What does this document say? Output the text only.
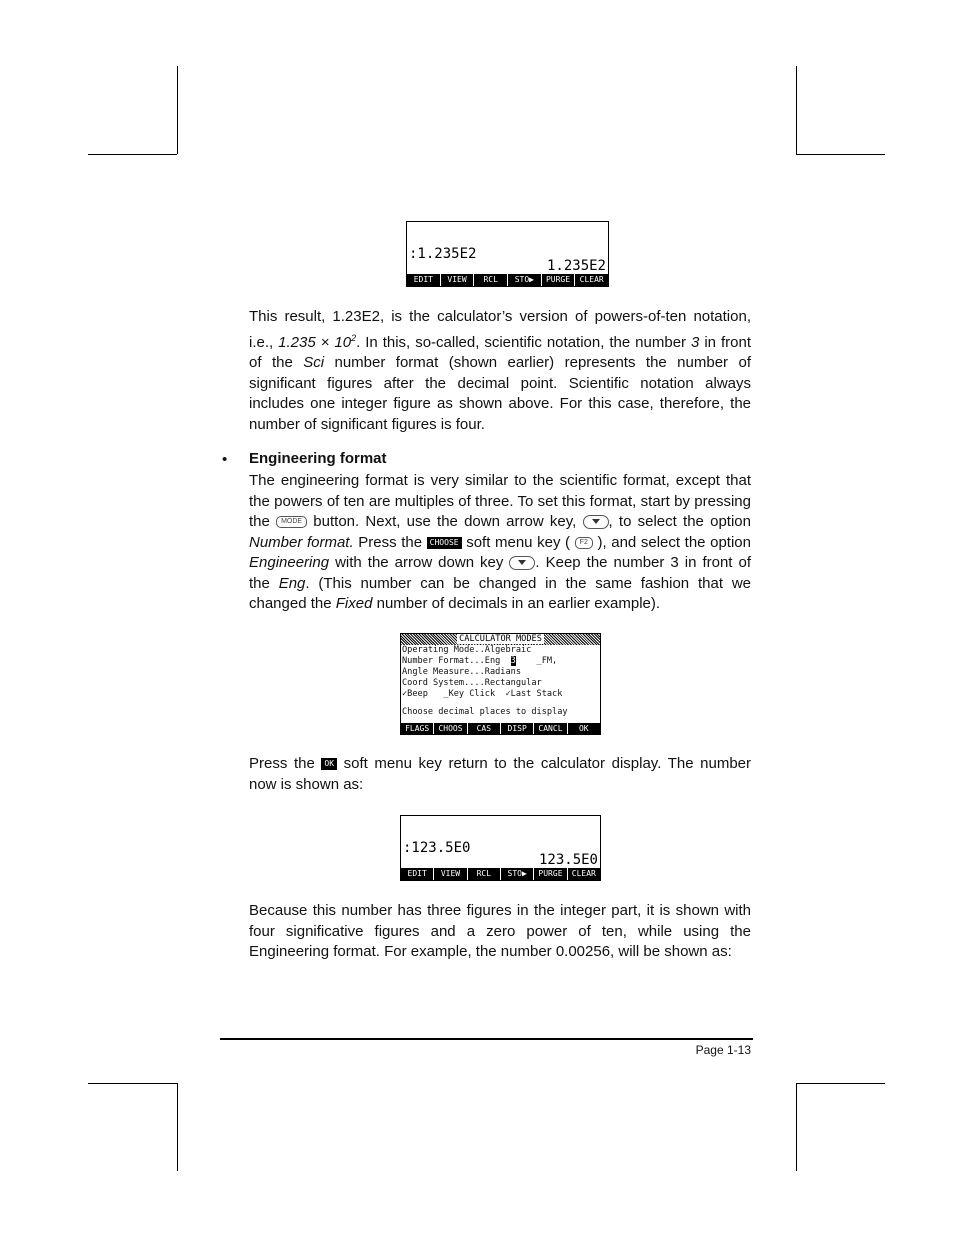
:1.235E2
1.235E2
EDIT	VIEW	RCL	STO▶	PURGE	CLEAR
This result, 1.23E2, is the calculator’s version of powers-of-ten notation, i.e., $1.235 \times 10^2$. In this, so-called, scientific notation, the number 3 in front of the Sci number format (shown earlier) represents the number of significant figures after the decimal point. Scientific notation always includes one integer figure as shown above. For this case, therefore, the number of significant figures is four.
• Engineering format
The engineering format is very similar to the scientific format, except that the powers of ten are multiples of three. To set this format, start by pressing the MODE button. Next, use the down arrow key, , to select the option Number format. Press the CHOOSE soft menu key ( F2 ), and select the option Engineering with the arrow down key . Keep the number 3 in front of the Eng. (This number can be changed in the same fashion that we changed the Fixed number of decimals in an earlier example).
CALCULATOR MODES
Operating Mode..Algebraic
Number Format...Eng  3    _FM,
Angle Measure...Radians
Coord System....Rectangular
✓Beep   _Key Click  ✓Last Stack
Choose decimal places to display
FLAGS	CHOOS	CAS	DISP	CANCL	OK
Press the OK soft menu key return to the calculator display. The number now is shown as:
:123.5E0
123.5E0
EDIT	VIEW	RCL	STO▶	PURGE	CLEAR
Because this number has three figures in the integer part, it is shown with four significative figures and a zero power of ten, while using the Engineering format. For example, the number 0.00256, will be shown as:
Page 1-13
